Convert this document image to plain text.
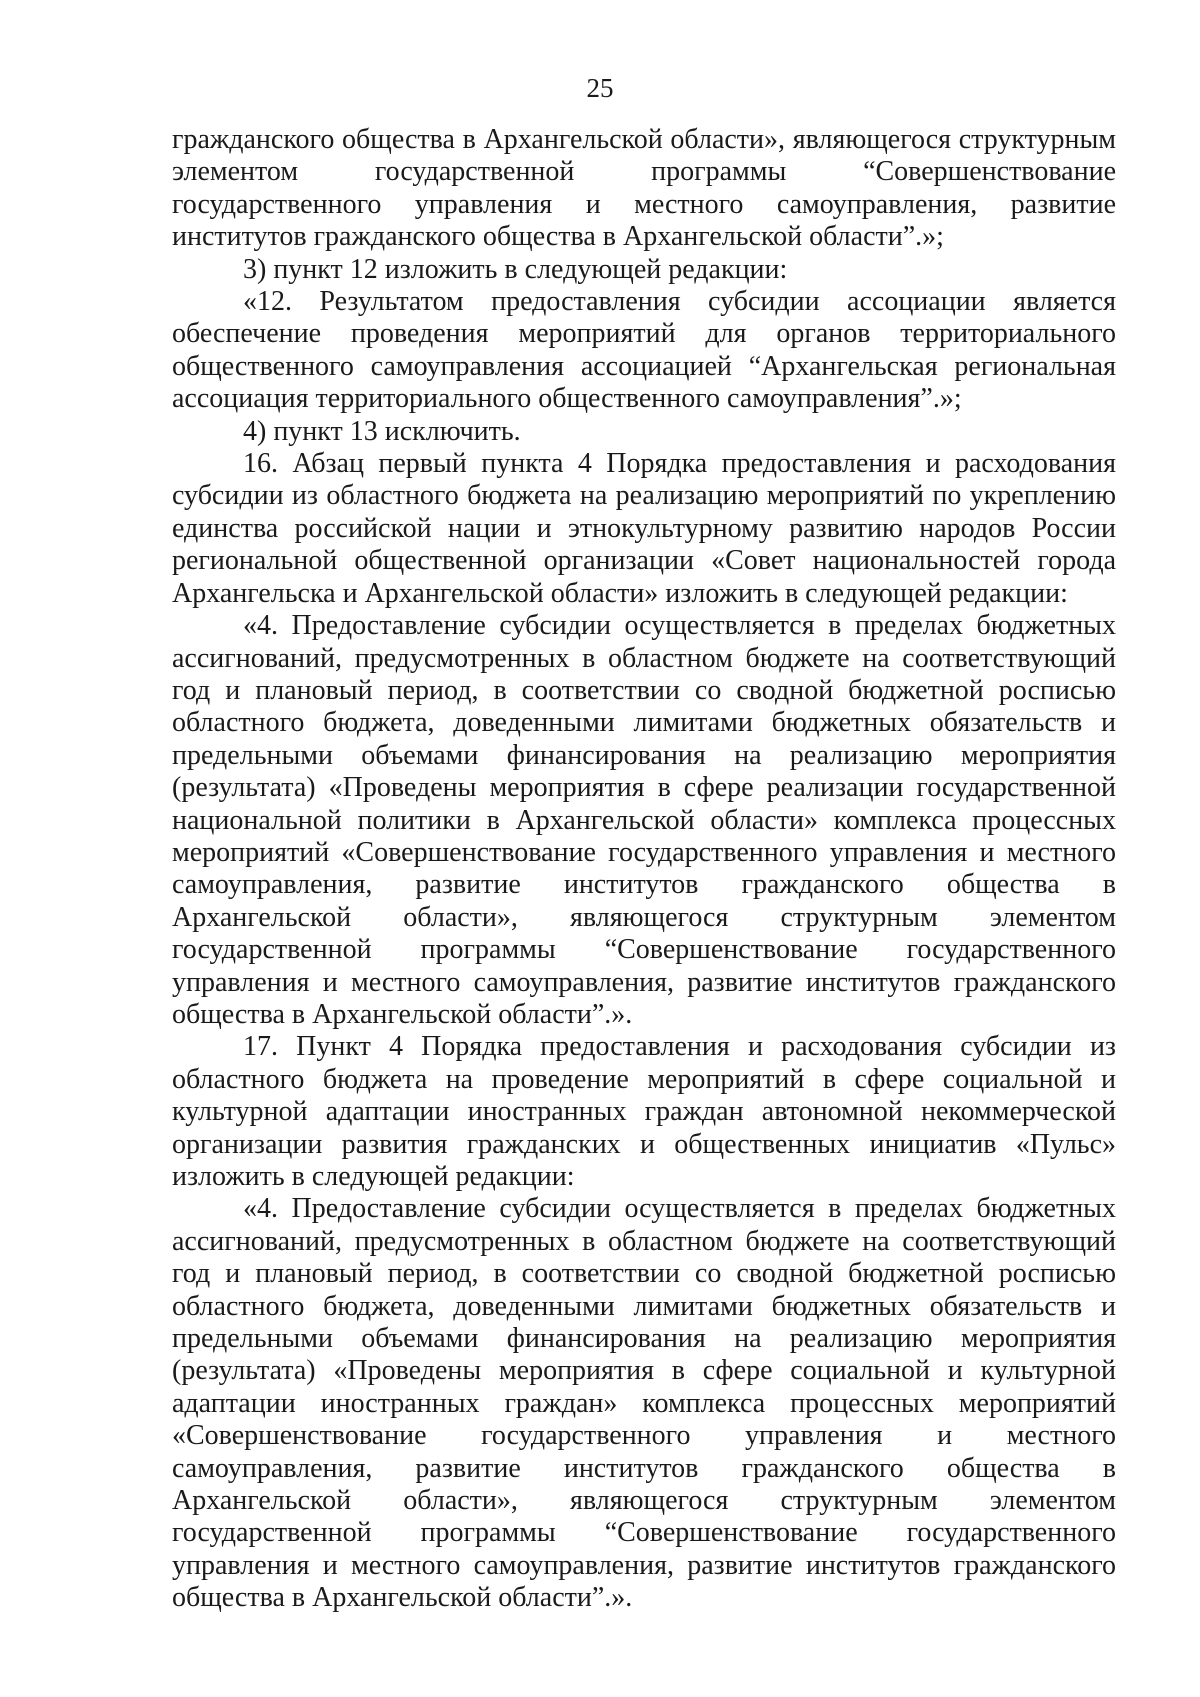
25

гражданского общества в Архангельской области», являющегося структурным элементом государственной программы “Совершенствование государственного управления и местного самоуправления, развитие институтов гражданского общества в Архангельской области”.»;

3) пункт 12 изложить в следующей редакции:

«12. Результатом предоставления субсидии ассоциации является обеспечение проведения мероприятий для органов территориального общественного самоуправления ассоциацией “Архангельская региональная ассоциация территориального общественного самоуправления”.»;

4) пункт 13 исключить.

16. Абзац первый пункта 4 Порядка предоставления и расходования субсидии из областного бюджета на реализацию мероприятий по укреплению единства российской нации и этнокультурному развитию народов России региональной общественной организации «Совет национальностей города Архангельска и Архангельской области» изложить в следующей редакции:

«4. Предоставление субсидии осуществляется в пределах бюджетных ассигнований, предусмотренных в областном бюджете на соответствующий год и плановый период, в соответствии со сводной бюджетной росписью областного бюджета, доведенными лимитами бюджетных обязательств и предельными объемами финансирования на реализацию мероприятия (результата) «Проведены мероприятия в сфере реализации государственной национальной политики в Архангельской области» комплекса процессных мероприятий «Совершенствование государственного управления и местного самоуправления, развитие институтов гражданского общества в Архангельской области», являющегося структурным элементом государственной программы “Совершенствование государственного управления и местного самоуправления, развитие институтов гражданского общества в Архангельской области”.».

17. Пункт 4 Порядка предоставления и расходования субсидии из областного бюджета на проведение мероприятий в сфере социальной и культурной адаптации иностранных граждан автономной некоммерческой организации развития гражданских и общественных инициатив «Пульс» изложить в следующей редакции:

«4. Предоставление субсидии осуществляется в пределах бюджетных ассигнований, предусмотренных в областном бюджете на соответствующий год и плановый период, в соответствии со сводной бюджетной росписью областного бюджета, доведенными лимитами бюджетных обязательств и предельными объемами финансирования на реализацию мероприятия (результата) «Проведены мероприятия в сфере социальной и культурной адаптации иностранных граждан» комплекса процессных мероприятий «Совершенствование государственного управления и местного самоуправления, развитие институтов гражданского общества в Архангельской области», являющегося структурным элементом государственной программы “Совершенствование государственного управления и местного самоуправления, развитие институтов гражданского общества в Архангельской области”.».
